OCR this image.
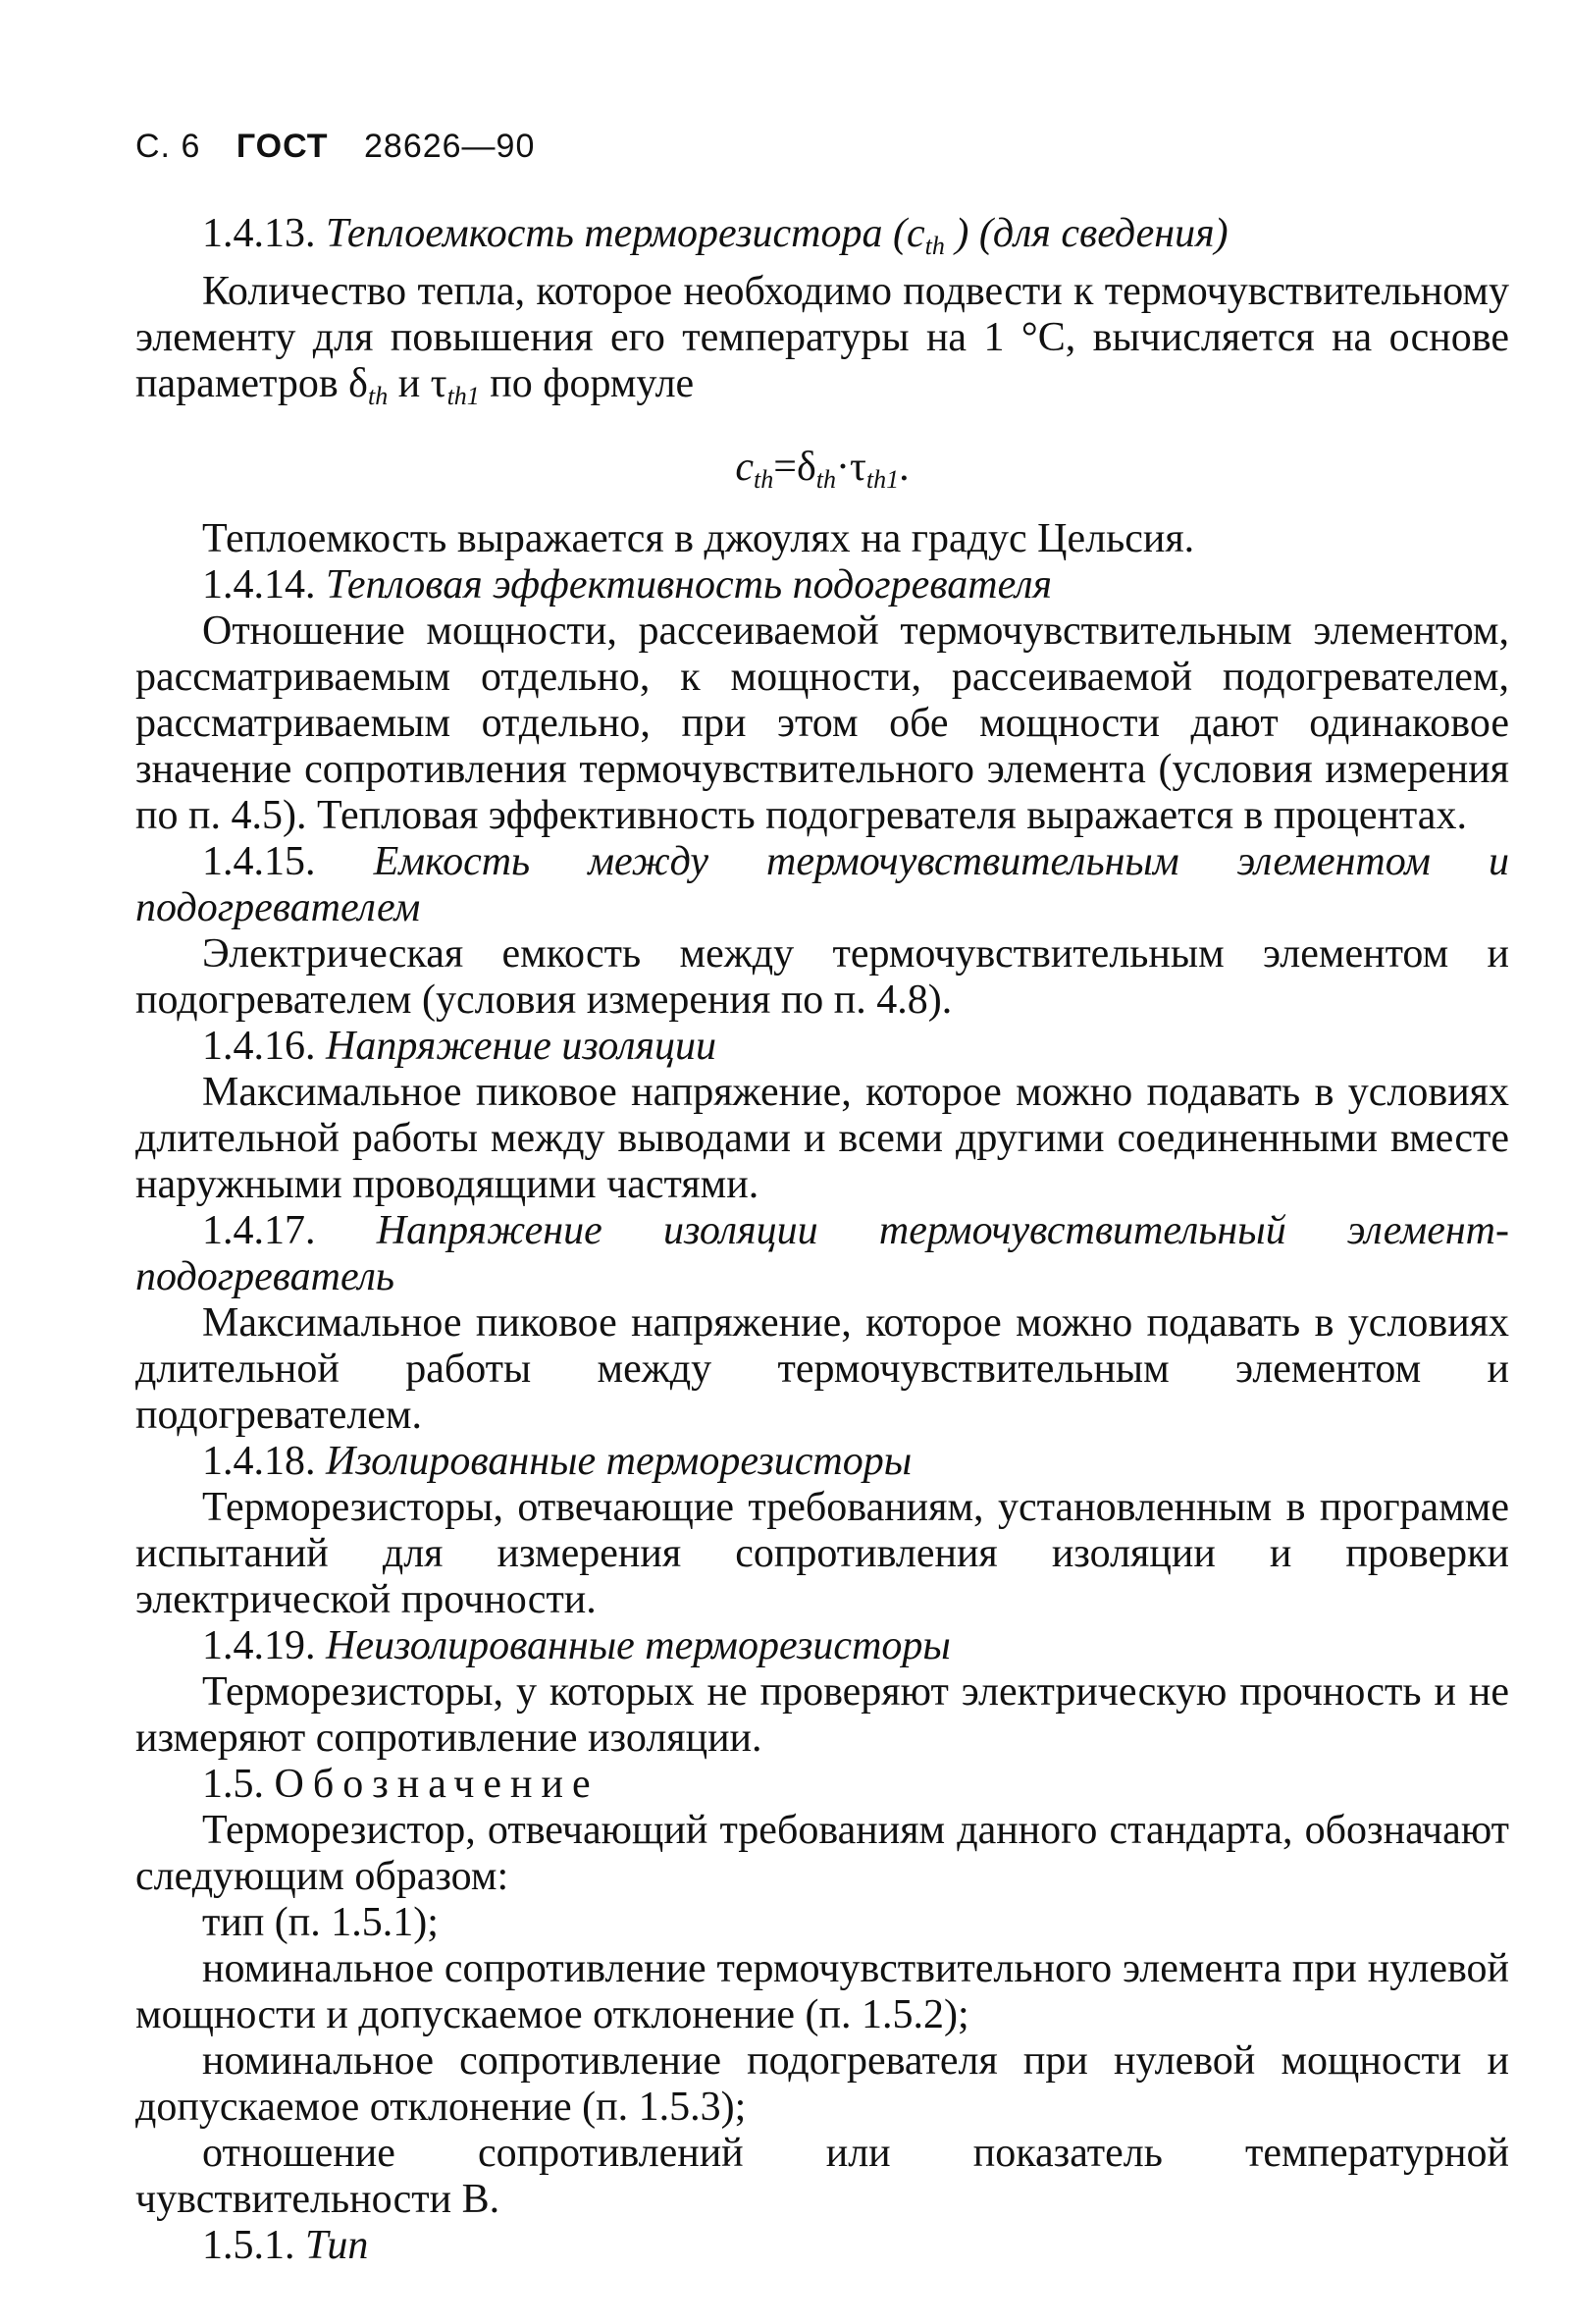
С. 6 ГОСТ 28626—90

1.4.13. Теплоемкость терморезистора ($c_{th}$ ) (для сведения)

Количество тепла, которое необходимо подвести к термочувствительному элементу для повышения его температуры на 1 °С, вычисляется на основе параметров $\delta_{th}$ и $\tau_{th1}$ по формуле

$c_{th}=\delta_{th}\cdot\tau_{th1}$.

Теплоемкость выражается в джоулях на градус Цельсия.

1.4.14. Тепловая эффективность подогревателя

Отношение мощности, рассеиваемой термочувствительным элементом, рассматриваемым отдельно, к мощности, рассеиваемой подогревателем, рассматриваемым отдельно, при этом обе мощности дают одинаковое значение сопротивления термочувствительного элемента (условия измерения по п. 4.5). Тепловая эффективность подогревателя выражается в процентах.

1.4.15. Емкость между термочувствительным элементом и подогревателем

Электрическая емкость между термочувствительным элементом и подогревателем (условия измерения по п. 4.8).

1.4.16. Напряжение изоляции

Максимальное пиковое напряжение, которое можно подавать в условиях длительной работы между выводами и всеми другими соединенными вместе наружными проводящими частями.

1.4.17. Напряжение изоляции термочувствительный элемент-подогреватель

Максимальное пиковое напряжение, которое можно подавать в условиях длительной работы между термочувствительным элементом и подогревателем.

1.4.18. Изолированные терморезисторы

Терморезисторы, отвечающие требованиям, установленным в программе испытаний для измерения сопротивления изоляции и проверки электрической прочности.

1.4.19. Неизолированные терморезисторы

Терморезисторы, у которых не проверяют электрическую прочность и не измеряют сопротивление изоляции.

1.5. Обозначение

Терморезистор, отвечающий требованиям данного стандарта, обозначают следующим образом:

тип (п. 1.5.1);

номинальное сопротивление термочувствительного элемента при нулевой мощности и допускаемое отклонение (п. 1.5.2);

номинальное сопротивление подогревателя при нулевой мощности и допускаемое отклонение (п. 1.5.3);

отношение сопротивлений или показатель температурной чувствительности B.

1.5.1. Тип
